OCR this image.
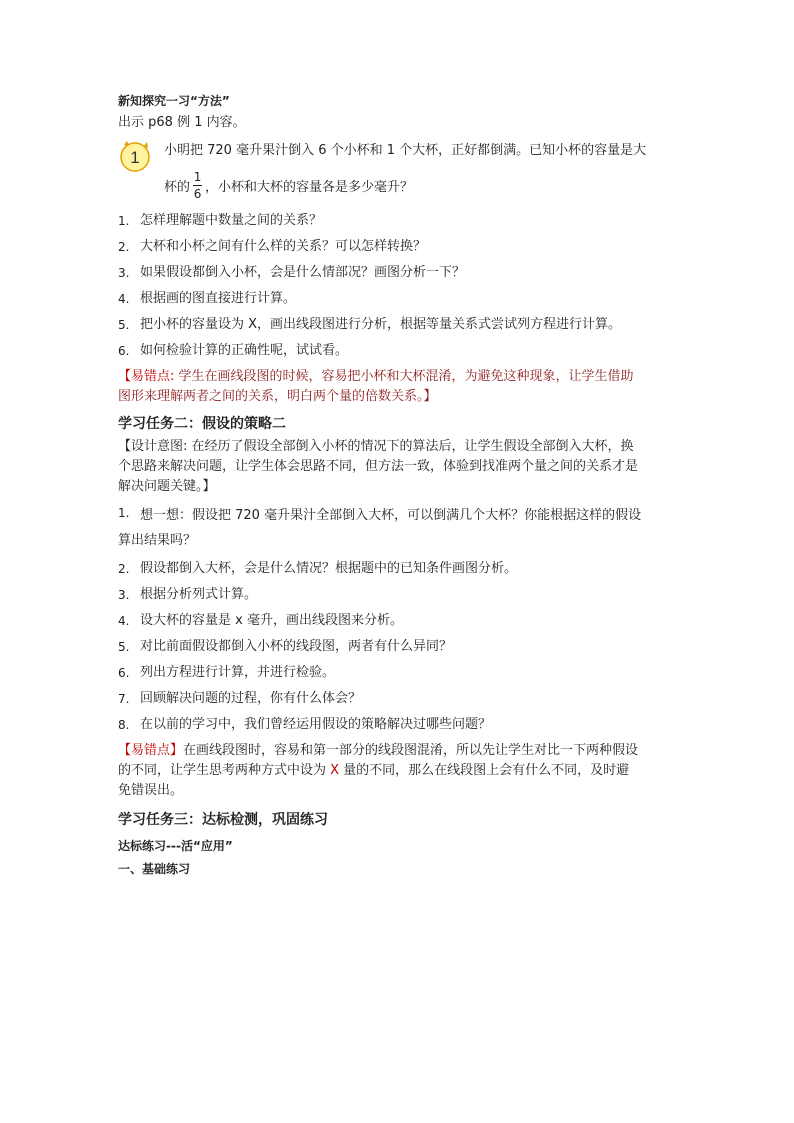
新知探究一习“方法”
出示 p68 例 1 内容。
1 小明把 720 毫升果汁倒入 6 个小杯和 1 个大杯，正好都倒满。已知小杯的容量是大
杯的 $\frac{1}{6}$ ，小杯和大杯的容量各是多少毫升？
1. 怎样理解题中数量之间的关系？
2. 大杯和小杯之间有什么样的关系？可以怎样转换？
3. 如果假设都倒入小杯，会是什么情部况？画图分析一下？
4. 根据画的图直接进行计算。
5. 把小杯的容量设为 X，画出线段图进行分析，根据等量关系式尝试列方程进行计算。
6. 如何检验计算的正确性呢，试试看。
【易错点: 学生在画线段图的时候，容易把小杯和大杯混淆，为避免这种现象，让学生借助
图形来理解两者之间的关系，明白两个量的倍数关系。】
学习任务二：假设的策略二
【设计意图: 在经历了假设全部倒入小杯的情况下的算法后，让学生假设全部倒入大杯，换
个思路来解决问题，让学生体会思路不同，但方法一致，体验到找准两个量之间的关系才是
解决问题关键。】
1. 想一想：假设把 720 毫升果汁全部倒入大杯，可以倒满几个大杯？你能根据这样的假设
算出结果吗？
2. 假设都倒入大杯，会是什么情况？根据题中的已知条件画图分析。
3. 根据分析列式计算。
4. 设大杯的容量是 x 毫升，画出线段图来分析。
5. 对比前面假设都倒入小杯的线段图，两者有什么异同？
6. 列出方程进行计算，并进行检验。
7. 回顾解决问题的过程，你有什么体会？
8. 在以前的学习中，我们曾经运用假设的策略解决过哪些问题？
【易错点】在画线段图时，容易和第一部分的线段图混淆，所以先让学生对比一下两种假设
的不同，让学生思考两种方式中设为 X 量的不同，那么在线段图上会有什么不同，及时避
免错误出。
学习任务三：达标检测，巩固练习
达标练习---活“应用”
一、基础练习
